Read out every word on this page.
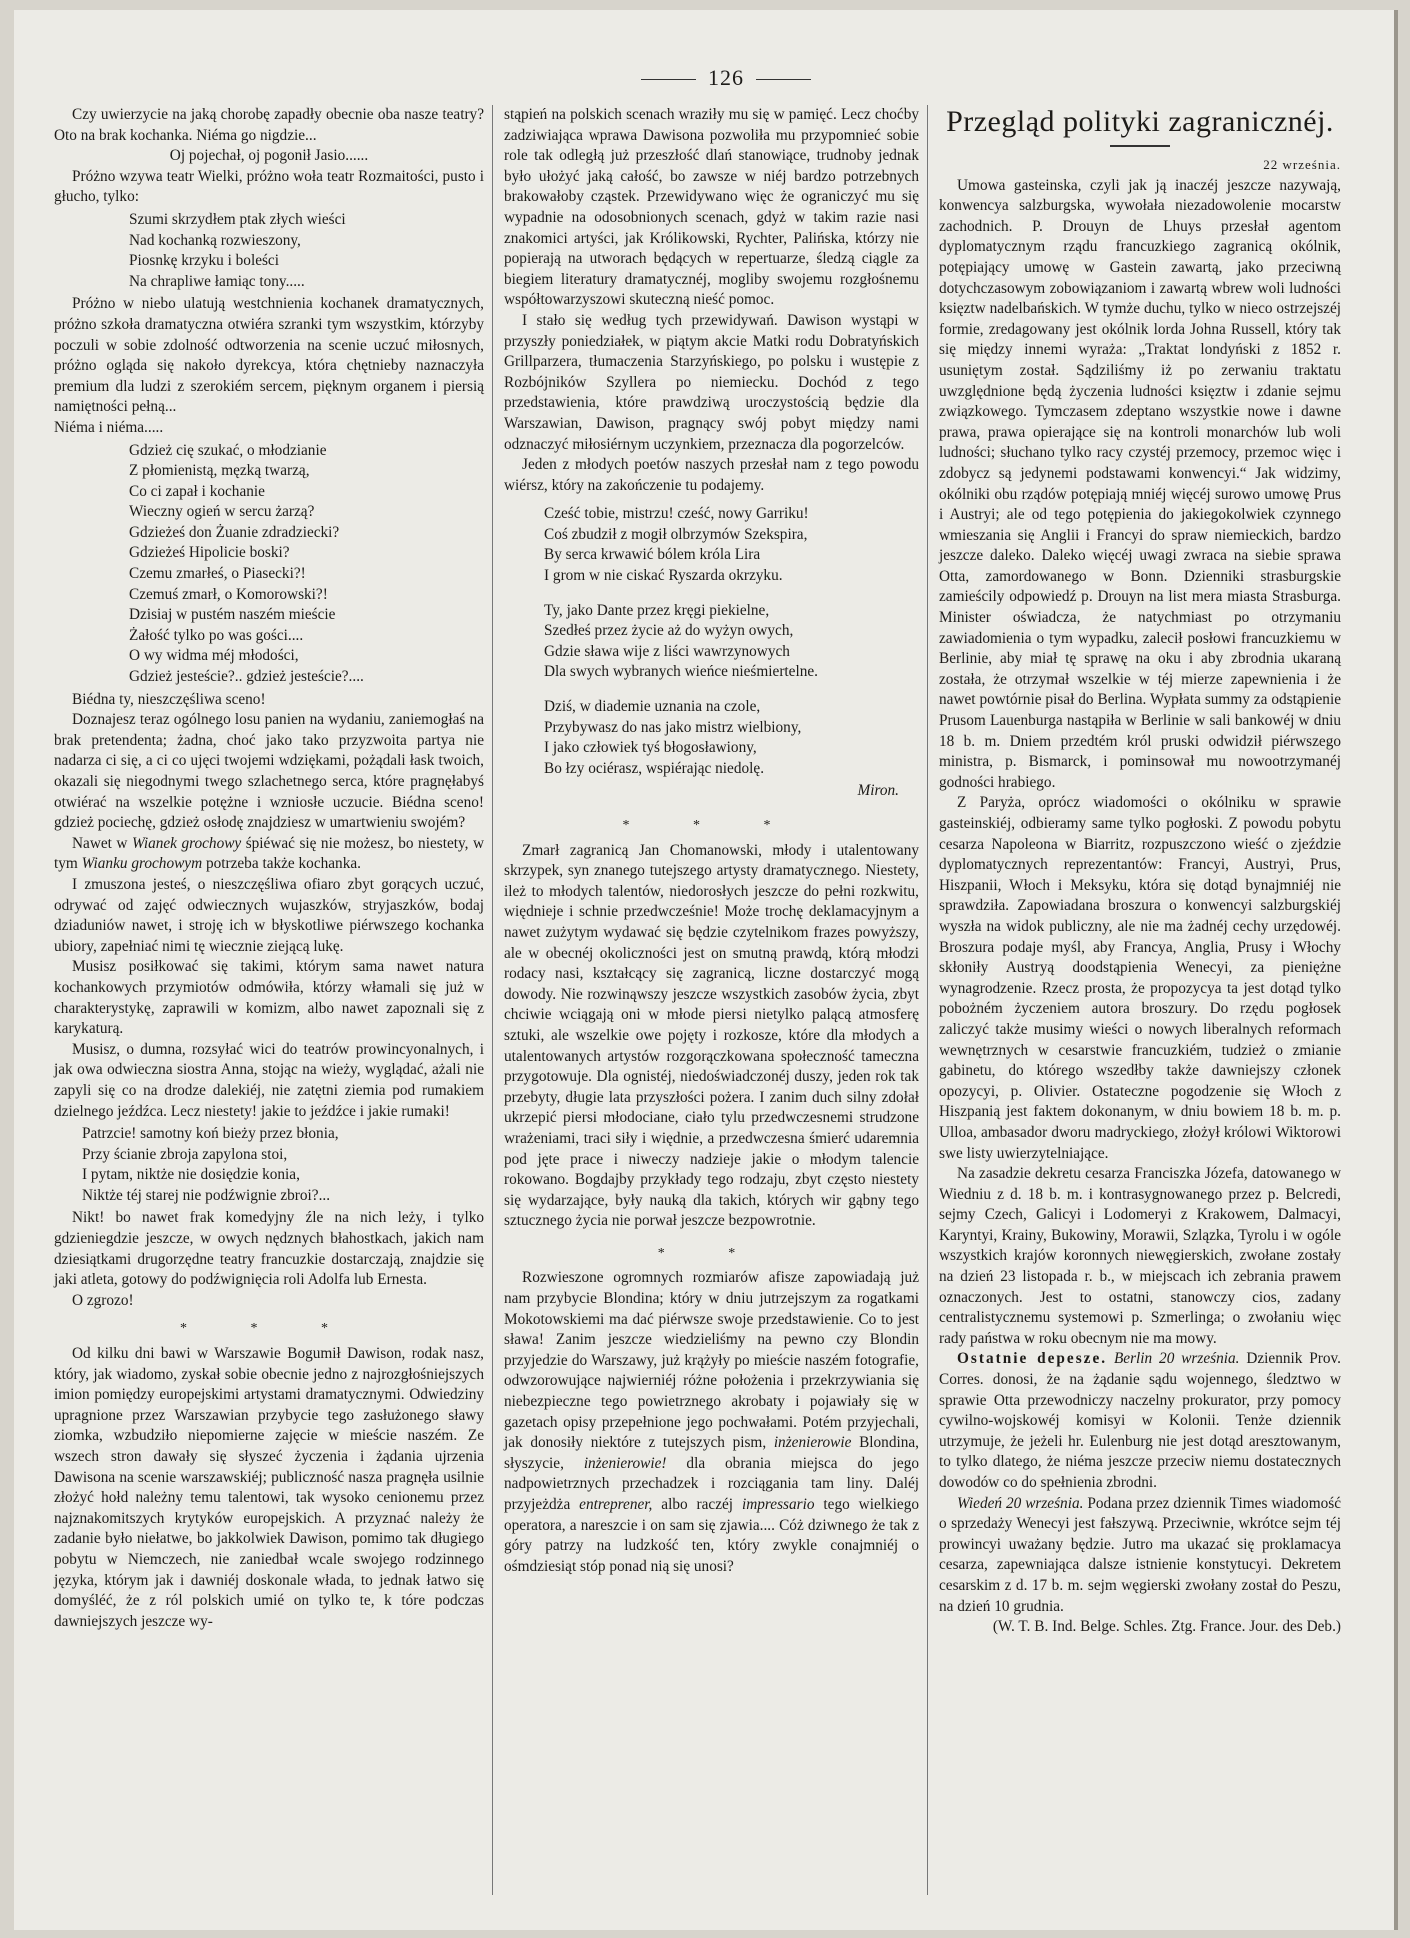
126

Czy uwierzycie na jaką chorobę zapadły obecnie oba nasze teatry? Oto na brak kochanka. Niéma go nigdzie...

Oj pojechał, oj pogonił Jasio......

Próżno wzywa teatr Wielki, próżno woła teatr Rozmaitości, pusto i głucho, tylko:

Szumi skrzydłem ptak złych wieści
Nad kochanką rozwieszony,
Piosnkę krzyku i boleści
Na chrapliwe łamiąc tony.....

Próżno w niebo ulatują westchnienia kochanek dramatycznych, próżno szkoła dramatyczna otwiéra szranki tym wszystkim, którzyby poczuli w sobie zdolność odtworzenia na scenie uczuć miłosnych, próżno ogląda się nakoło dyrekcya, która chętnieby naznaczyła premium dla ludzi z szerokiém sercem, pięknym organem i piersią namiętności pełną...

Niéma i niéma.....

Gdzież cię szukać, o młodzianie
Z płomienistą, męzką twarzą,
Co ci zapał i kochanie
Wieczny ogień w sercu żarzą?
Gdzieżeś don Żuanie zdradziecki?
Gdzieżeś Hipolicie boski?
Czemu zmarłeś, o Piasecki?!
Czemuś zmarł, o Komorowski?!
Dzisiaj w pustém naszém mieście
Żałość tylko po was gości....
O wy widma méj młodości,
Gdzież jesteście?.. gdzież jesteście?....

Biédna ty, nieszczęśliwa sceno!

Doznajesz teraz ogólnego losu panien na wydaniu, zaniemogłaś na brak pretendenta; żadna, choć jako tako przyzwoita partya nie nadarza ci się, a ci co ujęci twojemi wdziękami, pożądali łask twoich, okazali się niegodnymi twego szlachetnego serca, które pragnęłabyś otwiérać na wszelkie potężne i wzniosłe uczucie. Biédna sceno! gdzież pociechę, gdzież osłodę znajdziesz w umartwieniu swojém?

Nawet w Wianek grochowy śpiéwać się nie możesz, bo niestety, w tym Wianku grochowym potrzeba także kochanka.

I zmuszona jesteś, o nieszczęśliwa ofiaro zbyt gorących uczuć, odrywać od zajęć odwiecznych wujaszków, stryjaszków, bodaj dziaduniów nawet, i stroję ich w błyskotliwe piérwszego kochanka ubiory, zapełniać nimi tę wiecznie ziejącą lukę.

Musisz posiłkować się takimi, którym sama nawet natura kochankowych przymiotów odmówiła, którzy włamali się już w charakterystykę, zaprawili w komizm, albo nawet zapoznali się z karykaturą.

Musisz, o dumna, rozsyłać wici do teatrów prowincyonalnych, i jak owa odwieczna siostra Anna, stojąc na wieży, wyglądać, ażali nie zapyli się co na drodze dalekiéj, nie zatętni ziemia pod rumakiem dzielnego jeźdźca. Lecz niestety! jakie to jeźdźce i jakie rumaki!

Patrzcie! samotny koń bieży przez błonia,
Przy ścianie zbroja zapylona stoi,
I pytam, niktże nie dosiędzie konia,
Niktże téj starej nie podźwignie zbroi?...

Nikt! bo nawet frak komedyjny źle na nich leży, i tylko gdzieniegdzie jeszcze, w owych nędznych błahostkach, jakich nam dziesiątkami drugorzędne teatry francuzkie dostarczają, znajdzie się jaki atleta, gotowy do podźwignięcia roli Adolfa lub Ernesta.

O zgrozo!

* * *

Od kilku dni bawi w Warszawie Bogumił Dawison, rodak nasz, który, jak wiadomo, zyskał sobie obecnie jedno z najrozgłośniejszych imion pomiędzy europejskimi artystami dramatycznymi. Odwiedziny upragnione przez Warszawian przybycie tego zasłużonego sławy ziomka, wzbudziło niepomierne zajęcie w mieście naszém. Ze wszech stron dawały się słyszeć życzenia i żądania ujrzenia Dawisona na scenie warszawskiéj; publiczność nasza pragnęła usilnie złożyć hołd należny temu talentowi, tak wysoko cenionemu przez najznakomitszych krytyków europejskich. A przyznać należy że zadanie było niełatwe, bo jakkolwiek Dawison, pomimo tak długiego pobytu w Niemczech, nie zaniedbał wcale swojego rodzinnego języka, którym jak i dawniéj doskonale włada, to jednak łatwo się domyśléć, że z ról polskich umié on tylko te, k tóre podczas dawniejszych jeszcze wy-

stąpień na polskich scenach wraziły mu się w pamięć. Lecz choćby zadziwiająca wprawa Dawisona pozwoliła mu przypomnieć sobie role tak odległą już przeszłość dlań stanowiące, trudnoby jednak było ułożyć jaką całość, bo zawsze w niéj bardzo potrzebnych brakowałoby cząstek. Przewidywano więc że ograniczyć mu się wypadnie na odosobnionych scenach, gdyż w takim razie nasi znakomici artyści, jak Królikowski, Rychter, Palińska, którzy nie popierają na utworach będących w repertuarze, śledzą ciągle za biegiem literatury dramatycznéj, mogliby swojemu rozgłośnemu współtowarzyszowi skuteczną nieść pomoc.

I stało się według tych przewidywań. Dawison wystąpi w przyszły poniedziałek, w piątym akcie Matki rodu Dobratyńskich Grillparzera, tłumaczenia Starzyńskiego, po polsku i wustępie z Rozbójników Szyllera po niemiecku. Dochód z tego przedstawienia, które prawdziwą uroczystością będzie dla Warszawian, Dawison, pragnący swój pobyt między nami odznaczyć miłosiérnym uczynkiem, przeznacza dla pogorzelców.

Jeden z młodych poetów naszych przesłał nam z tego powodu wiérsz, który na zakończenie tu podajemy.

Cześć tobie, mistrzu! cześć, nowy Garriku!
Coś zbudził z mogił olbrzymów Szekspira,
By serca krwawić bólem króla Lira
I grom w nie ciskać Ryszarda okrzyku.
Ty, jako Dante przez kręgi piekielne,
Szedłeś przez życie aż do wyżyn owych,
Gdzie sława wije z liści wawrzynowych
Dla swych wybranych wieńce nieśmiertelne.
Dziś, w diademie uznania na czole,
Przybywasz do nas jako mistrz wielbiony,
I jako człowiek tyś błogosławiony,
Bo łzy ociérasz, wspiérając niedolę.
Miron.
* * *

Zmarł zagranicą Jan Chomanowski, młody i utalentowany skrzypek, syn znanego tutejszego artysty dramatycznego. Niestety, ileż to młodych talentów, niedorosłych jeszcze do pełni rozkwitu, więdnieje i schnie przedwcześnie! Może trochę deklamacyjnym a nawet zużytym wydawać się będzie czytelnikom frazes powyższy, ale w obecnéj okoliczności jest on smutną prawdą, którą młodzi rodacy nasi, kształcący się zagranicą, liczne dostarczyć mogą dowody. Nie rozwinąwszy jeszcze wszystkich zasobów życia, zbyt chciwie wciągają oni w młode piersi nietylko palącą atmosferę sztuki, ale wszelkie owe pojęty i rozkosze, które dla młodych a utalentowanych artystów rozgorączkowana społeczność tameczna przygotowuje. Dla ognistéj, niedoświadczonéj duszy, jeden rok tak przebyty, długie lata przyszłości pożera. I zanim duch silny zdołał ukrzepić piersi młodociane, ciało tylu przedwczesnemi strudzone wrażeniami, traci siły i więdnie, a przedwczesna śmierć udaremnia pod jęte prace i niweczy nadzieje jakie o młodym talencie rokowano. Bogdajby przykłady tego rodzaju, zbyt często niestety się wydarzające, były nauką dla takich, których wir gąbny tego sztucznego życia nie porwał jeszcze bezpowrotnie.

* *

Rozwieszone ogromnych rozmiarów afisze zapowiadają już nam przybycie Blondina; który w dniu jutrzejszym za rogatkami Mokotowskiemi ma dać piérwsze swoje przedstawienie. Co to jest sława! Zanim jeszcze wiedzieliśmy na pewno czy Blondin przyjedzie do Warszawy, już krążyły po mieście naszém fotografie, odwzorowujące najwierniéj różne położenia i przekrzywiania się niebezpieczne tego powietrznego akrobaty i pojawiały się w gazetach opisy przepełnione jego pochwałami. Potém przyjechali, jak donosiły niektóre z tutejszych pism, inżenierowie Blondina, słyszycie, inżenierowie! dla obrania miejsca do jego nadpowietrznych przechadzek i rozciągania tam liny. Daléj przyjeżdża entreprener, albo raczéj impressario tego wielkiego operatora, a nareszcie i on sam się zjawia.... Cóż dziwnego że tak z góry patrzy na ludzkość ten, który zwykle conajmniéj o ośmdziesiąt stóp ponad nią się unosi?

Przegląd polityki zagranicznéj.
22 września.

Umowa gasteinska, czyli jak ją inaczéj jeszcze nazywają, konwencya salzburgska, wywołała niezadowolenie mocarstw zachodnich. P. Drouyn de Lhuys przesłał agentom dyplomatycznym rządu francuzkiego zagranicą okólnik, potępiający umowę w Gastein zawartą, jako przeciwną dotychczasowym zobowiązaniom i zawartą wbrew woli ludności księztw nadelbańskich. W tymże duchu, tylko w nieco ostrzejszéj formie, zredagowany jest okólnik lorda Johna Russell, który tak się między innemi wyraża: „Traktat londyński z 1852 r. usuniętym został. Sądziliśmy iż po zerwaniu traktatu uwzględnione będą życzenia ludności księztw i zdanie sejmu związkowego. Tymczasem zdeptano wszystkie nowe i dawne prawa, prawa opierające się na kontroli monarchów lub woli ludności; słuchano tylko racy czystéj przemocy, przemoc więc i zdobycz są jedynemi podstawami konwencyi.“ Jak widzimy, okólniki obu rządów potępiają mniéj więcéj surowo umowę Prus i Austryi; ale od tego potępienia do jakiegokolwiek czynnego wmieszania się Anglii i Francyi do spraw niemieckich, bardzo jeszcze daleko. Daleko więcéj uwagi zwraca na siebie sprawa Otta, zamordowanego w Bonn. Dzienniki strasburgskie zamieścily odpowiedź p. Drouyn na list mera miasta Strasburga. Minister oświadcza, że natychmiast po otrzymaniu zawiadomienia o tym wypadku, zalecił posłowi francuzkiemu w Berlinie, aby miał tę sprawę na oku i aby zbrodnia ukaraną została, że otrzymał wszelkie w téj mierze zapewnienia i że nawet powtórnie pisał do Berlina. Wypłata summy za odstąpienie Prusom Lauenburga nastąpiła w Berlinie w sali bankowéj w dniu 18 b. m. Dniem przedtém król pruski odwidził piérwszego ministra, p. Bismarck, i pominsował mu nowootrzymanéj godności hrabiego.

Z Paryża, oprócz wiadomości o okólniku w sprawie gasteinskiéj, odbieramy same tylko pogłoski. Z powodu pobytu cesarza Napoleona w Biarritz, rozpuszczono wieść o zjeździe dyplomatycznych reprezentantów: Francyi, Austryi, Prus, Hiszpanii, Włoch i Meksyku, która się dotąd bynajmniéj nie sprawdziła. Zapowiadana broszura o konwencyi salzburgskiéj wyszła na widok publiczny, ale nie ma żadnéj cechy urzędowéj. Broszura podaje myśl, aby Francya, Anglia, Prusy i Włochy skłoniły Austryą doodstąpienia Wenecyi, za pieniężne wynagrodzenie. Rzecz prosta, że propozycya ta jest dotąd tylko pobożném życzeniem autora broszury. Do rzędu pogłosek zaliczyć także musimy wieści o nowych liberalnych reformach wewnętrznych w cesarstwie francuzkiém, tudzież o zmianie gabinetu, do którego wszedłby także dawniejszy członek opozycyi, p. Olivier. Ostateczne pogodzenie się Włoch z Hiszpanią jest faktem dokonanym, w dniu bowiem 18 b. m. p. Ulloa, ambasador dworu madryckiego, złożył królowi Wiktorowi swe listy uwierzytelniające.

Na zasadzie dekretu cesarza Franciszka Józefa, datowanego w Wiedniu z d. 18 b. m. i kontrasygnowanego przez p. Belcredi, sejmy Czech, Galicyi i Lodomeryi z Krakowem, Dalmacyi, Karyntyi, Krainy, Bukowiny, Morawii, Szlązka, Tyrolu i w ogóle wszystkich krajów koronnych niewęgierskich, zwołane zostały na dzień 23 listopada r. b., w miejscach ich zebrania prawem oznaczonych. Jest to ostatni, stanowczy cios, zadany centralistycznemu systemowi p. Szmerlinga; o zwołaniu więc rady państwa w roku obecnym nie ma mowy.

Ostatnie depesze. Berlin 20 września. Dziennik Prov. Corres. donosi, że na żądanie sądu wojennego, śledztwo w sprawie Otta przewodniczy naczelny prokurator, przy pomocy cywilno-wojskowéj komisyi w Kolonii. Tenże dziennik utrzymuje, że jeżeli hr. Eulenburg nie jest dotąd aresztowanym, to tylko dlatego, że niéma jeszcze przeciw niemu dostatecznych dowodów co do spełnienia zbrodni.

Wiedeń 20 września. Podana przez dziennik Times wiadomość o sprzedaży Wenecyi jest fałszywą. Przeciwnie, wkrótce sejm téj prowincyi uważany będzie. Jutro ma ukazać się proklamacya cesarza, zapewniająca dalsze istnienie konstytucyi. Dekretem cesarskim z d. 17 b. m. sejm węgierski zwołany został do Peszu, na dzień 10 grudnia.

(W. T. B. Ind. Belge. Schles. Ztg. France. Jour. des Deb.)
